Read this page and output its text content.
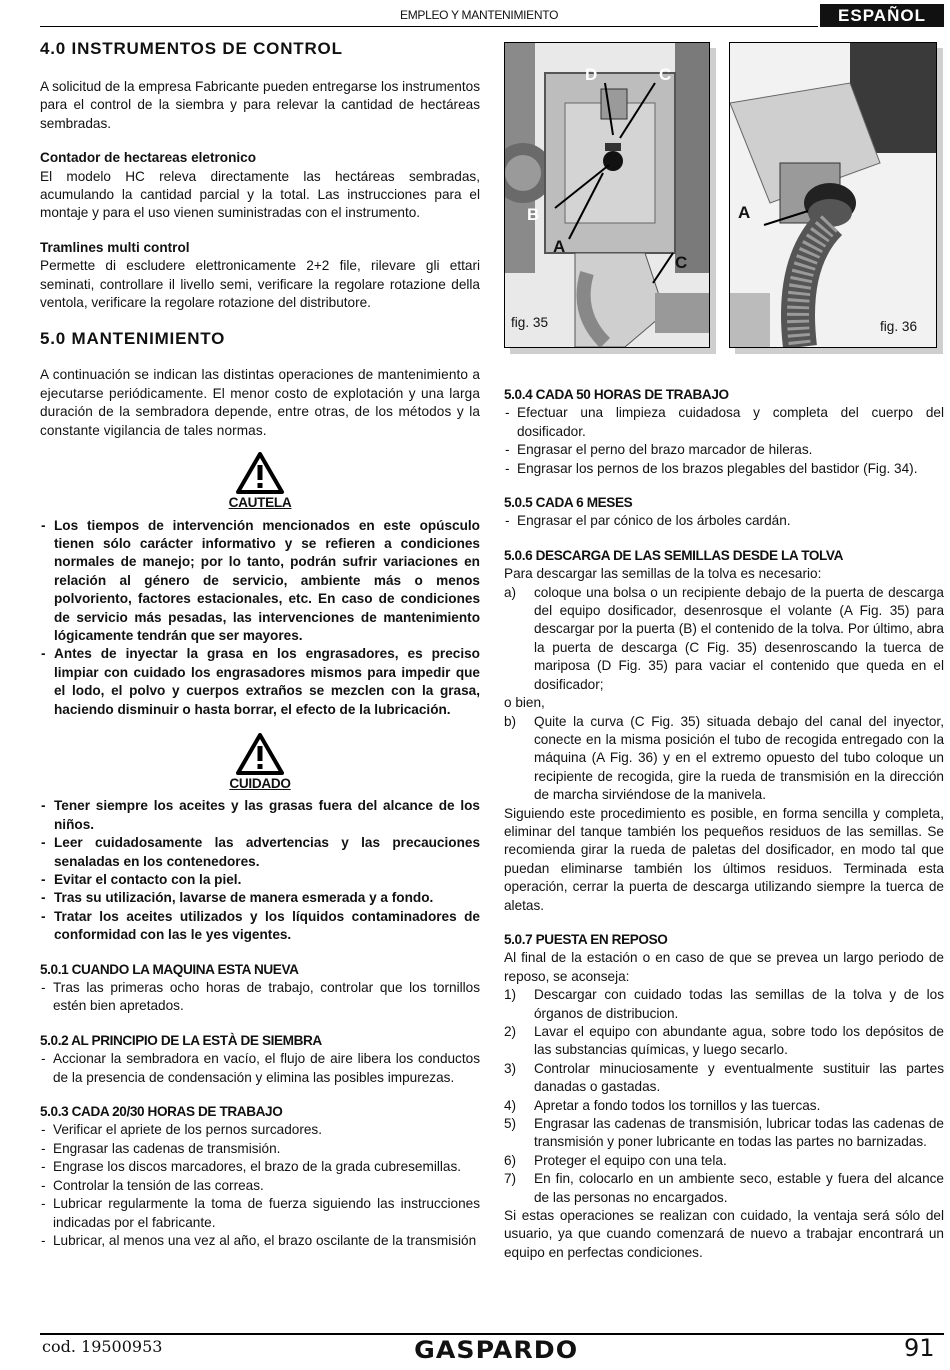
EMPLEO Y MANTENIMIENTO	ESPAÑOL
4.0 INSTRUMENTOS DE CONTROL

A solicitud de la empresa Fabricante pueden entregarse los instrumentos para el control de la siembra y para relevar la cantidad de hectáreas sembradas.

Contador de hectareas eletronico

El modelo HC releva directamente las hectáreas sembradas, acumulando la cantidad parcial y la total. Las instrucciones para el montaje y para el uso vienen suministradas con el instrumento.

Tramlines multi control

Permette di escludere elettronicamente 2+2 file, rilevare gli ettari seminati, controllare il livello semi, verificare la regolare rotazione della ventola, verificare la regolare rotazione del distributore.

5.0 MANTENIMIENTO

A continuación se indican las distintas operaciones de mantenimiento a ejecutarse periódicamente. El menor costo de explotación y una larga duración de la sembradora depende, entre otras, de los métodos y la constante vigilancia de tales normas.

CAUTELA
- Los tiempos de intervención mencionados en este opúsculo tienen sólo carácter informativo y se refieren a condiciones normales de manejo; por lo tanto, podrán sufrir variaciones en relación al género de servicio, ambiente más o menos polvoriento, factores estacionales, etc. En caso de condiciones de servicio más pesadas, las intervenciones de mantenimiento lógicamente tendrán que ser mayores.
- Antes de inyectar la grasa en los engrasadores, es preciso limpiar con cuidado los engrasadores mismos para impedir que el lodo, el polvo y cuerpos extraños se mezclen con la grasa, haciendo disminuir o hasta borrar, el efecto de la lubricación.
CUIDADO
- Tener siempre los aceites y las grasas fuera del alcance de los niños.
- Leer cuidadosamente las advertencias y las precauciones senaladas en los contenedores.
- Evitar el contacto con la piel.
- Tras su utilización, lavarse de manera esmerada y a fondo.
- Tratar los aceites utilizados y los líquidos contaminadores de conformidad con las le yes vigentes.
5.0.1 CUANDO LA MAQUINA ESTA NUEVA
- Tras las primeras ocho horas de trabajo, controlar que los tornillos estén bien apretados.
5.0.2 AL PRINCIPIO DE LA ESTÀ DE SIEMBRA
- Accionar la sembradora en vacío, el flujo de aire libera los conductos de la presencia de condensación y elimina las posibles impurezas.
5.0.3 CADA 20/30 HORAS DE TRABAJO
- Verificar el apriete de los pernos surcadores.
- Engrasar las cadenas de transmisión.
- Engrase los discos marcadores, el brazo de la grada cubresemillas.
- Controlar la tensión de las correas.
- Lubricar regularmente la toma de fuerza siguiendo las instrucciones indicadas por el fabricante.
- Lubricar, al menos una vez al año, el brazo oscilante de la transmisión
D	C
B
A
C
fig. 35
A
fig. 36
5.0.4 CADA 50 HORAS DE TRABAJO
- Efectuar una limpieza cuidadosa y completa del cuerpo del dosificador.
- Engrasar el perno del brazo marcador de hileras.
- Engrasar los pernos de los brazos plegables del bastidor (Fig. 34).
5.0.5 CADA 6 MESES
- Engrasar el par cónico de los árboles cardán.
5.0.6 DESCARGA DE LAS SEMILLAS DESDE LA TOLVA

Para descargar las semillas de la tolva es necesario:

a) coloque una bolsa o un recipiente debajo de la puerta de descarga del equipo dosificador, desenrosque el volante (A Fig. 35) para descargar por la puerta (B) el contenido de la tolva. Por último, abra la puerta de descarga (C Fig. 35) desenroscando la tuerca de mariposa (D Fig. 35) para vaciar el contenido que queda en el dosificador;

o bien,

b) Quite la curva (C Fig. 35) situada debajo del canal del inyector, conecte en la misma posición el tubo de recogida entregado con la máquina (A Fig. 36) y en el extremo opuesto del tubo coloque un recipiente de recogida, gire la rueda de transmisión en la dirección de marcha sirviéndose de la manivela.

Siguiendo este procedimiento es posible, en forma sencilla y completa, eliminar del tanque también los pequeños residuos de las semillas. Se recomienda girar la rueda de paletas del dosificador, en modo tal que puedan eliminarse también los últimos residuos. Terminada esta operación, cerrar la puerta de descarga utilizando siempre la tuerca de aletas.

5.0.7 PUESTA EN REPOSO

Al final de la estación o en caso de que se prevea un largo periodo de reposo, se aconseja:

1) Descargar con cuidado todas las semillas de la tolva y de los órganos de distribucion.
2) Lavar el equipo con abundante agua, sobre todo los depósitos de las substancias químicas, y luego secarlo.
3) Controlar minuciosamente y eventualmente sustituir las partes danadas o gastadas.
4) Apretar a fondo todos los tornillos y las tuercas.
5) Engrasar las cadenas de transmisión, lubricar todas las cadenas de transmisión y poner lubricante en todas las partes no barnizadas.
6) Proteger el equipo con una tela.
7) En fin, colocarlo en un ambiente seco, estable y fuera del alcance de las personas no encargados.

Si estas operaciones se realizan con cuidado, la ventaja será sólo del usuario, ya que cuando comenzará de nuevo a trabajar encontrará un equipo en perfectas condiciones.

cod. 19500953	GASPARDO	91
